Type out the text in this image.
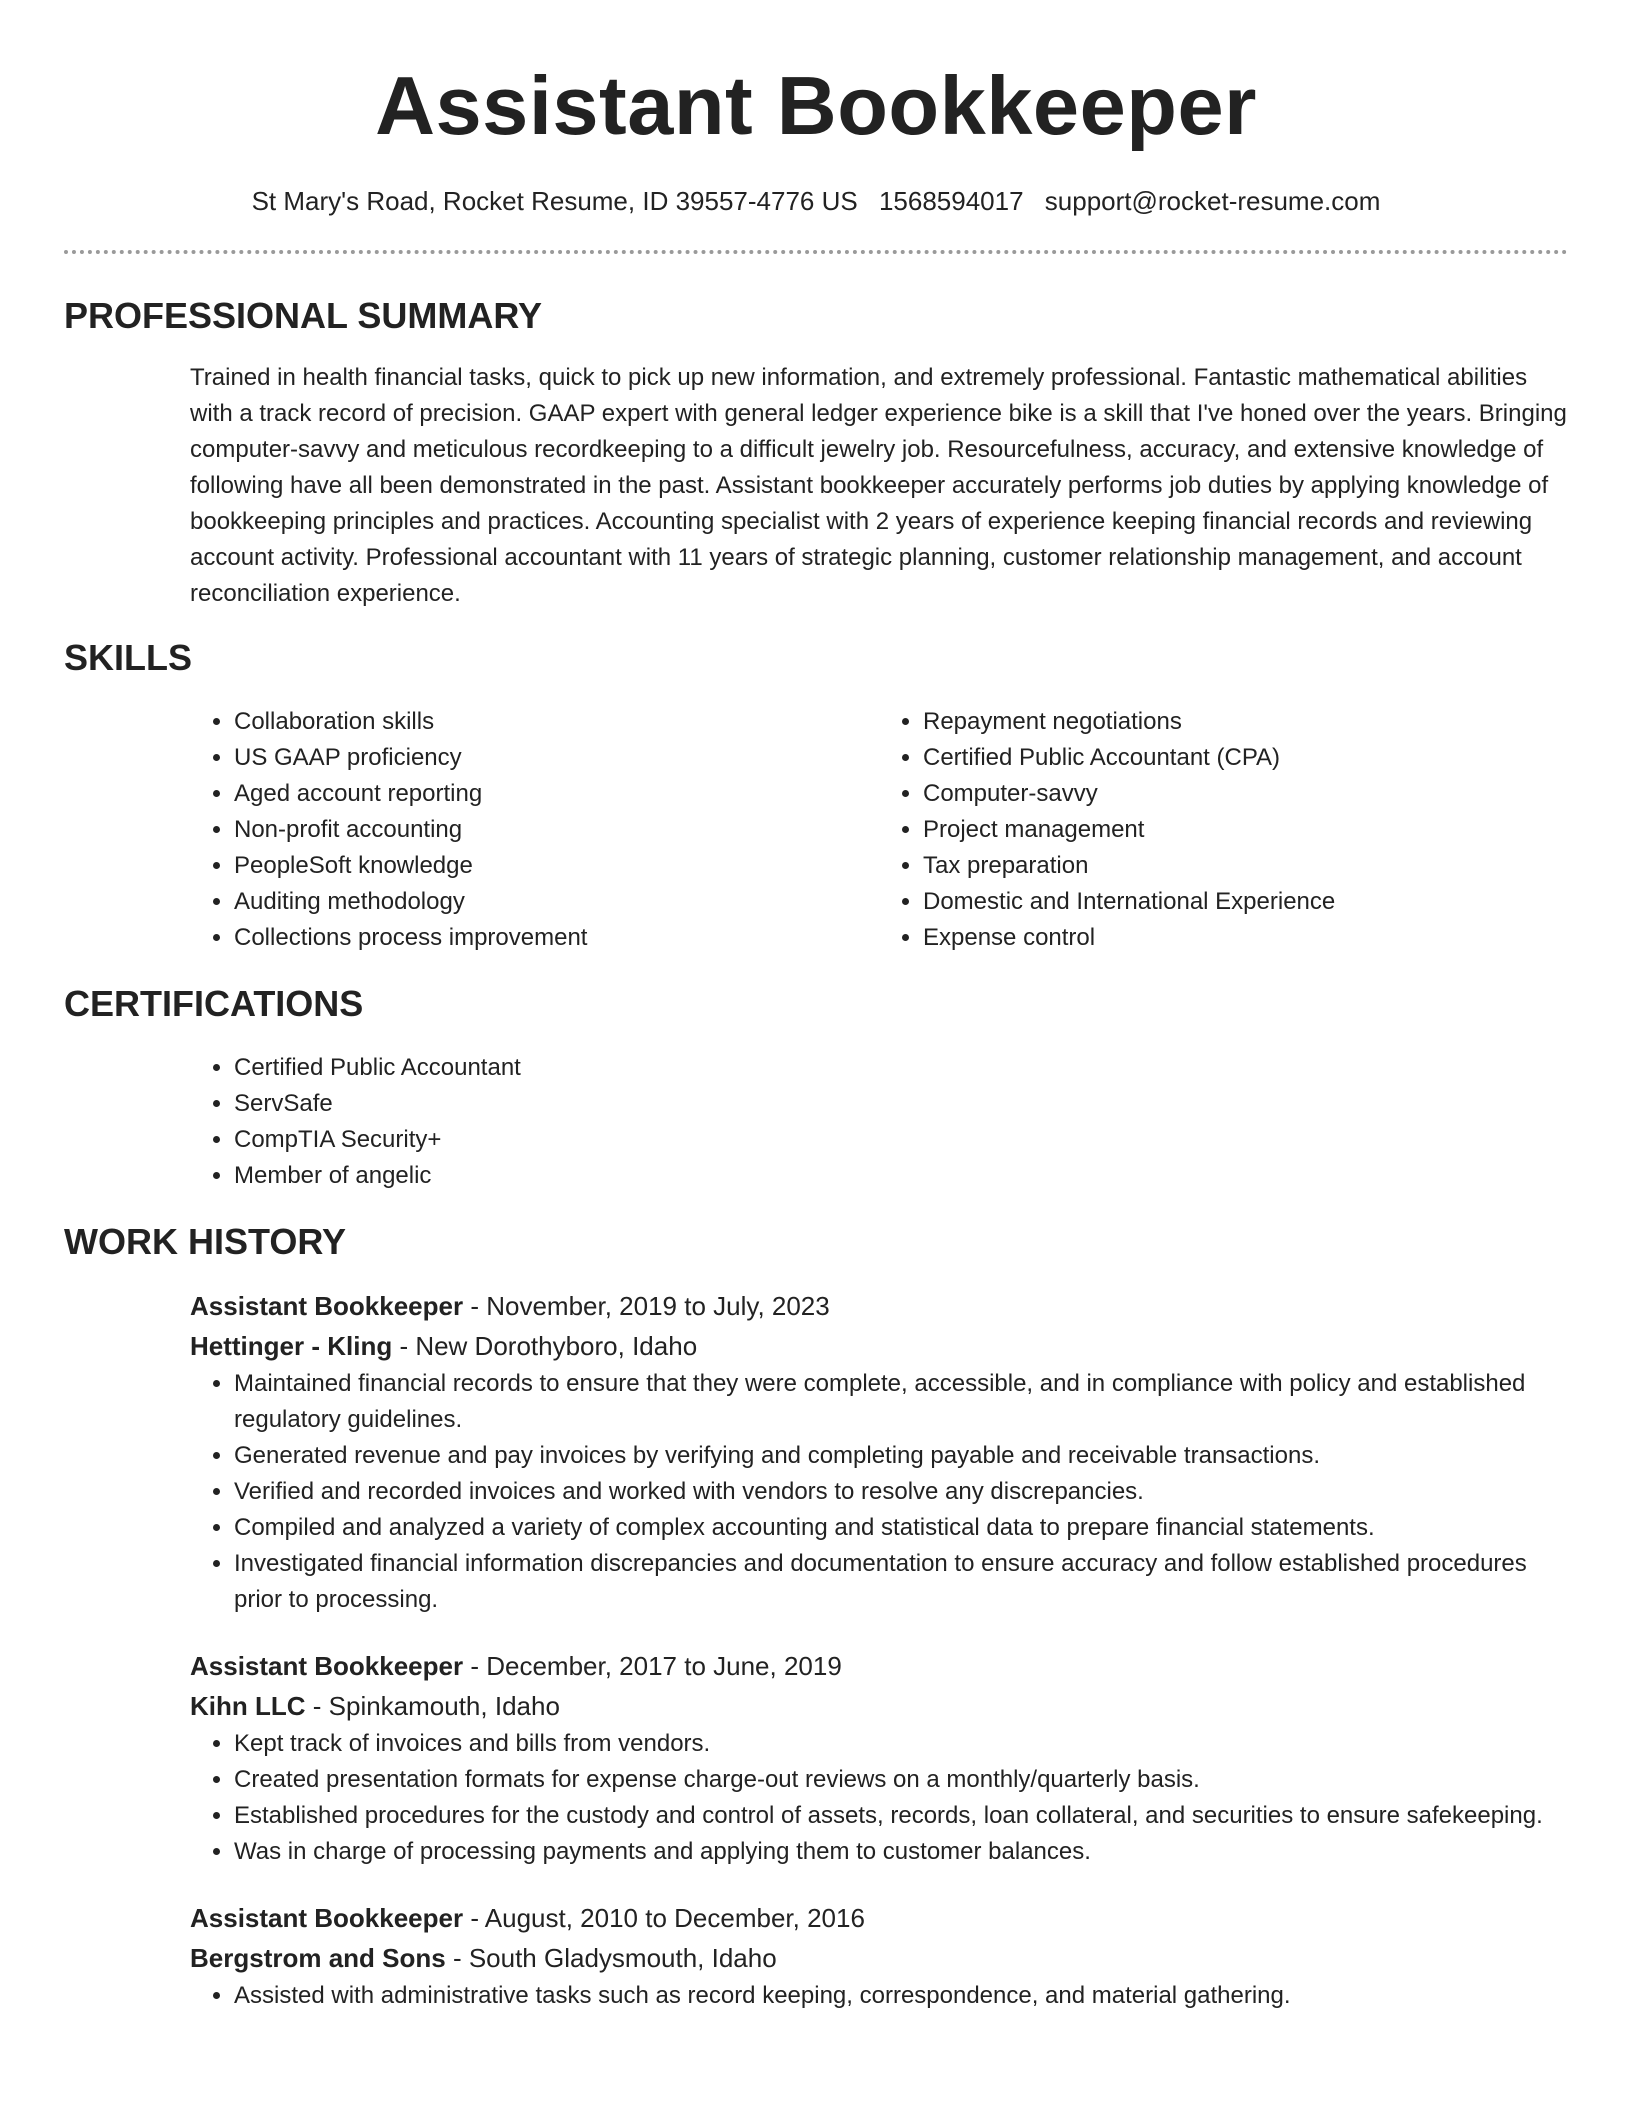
Assistant Bookkeeper
St Mary's Road, Rocket Resume, ID 39557-4776 US 1568594017 support@rocket-resume.com
PROFESSIONAL SUMMARY

Trained in health financial tasks, quick to pick up new information, and extremely professional. Fantastic mathematical abilities with a track record of precision. GAAP expert with general ledger experience bike is a skill that I've honed over the years. Bringing computer-savvy and meticulous recordkeeping to a difficult jewelry job. Resourcefulness, accuracy, and extensive knowledge of following have all been demonstrated in the past. Assistant bookkeeper accurately performs job duties by applying knowledge of bookkeeping principles and practices. Accounting specialist with 2 years of experience keeping financial records and reviewing account activity. Professional accountant with 11 years of strategic planning, customer relationship management, and account reconciliation experience.

SKILLS
• Collaboration skills
• US GAAP proficiency
• Aged account reporting
• Non-profit accounting
• PeopleSoft knowledge
• Auditing methodology
• Collections process improvement
• Repayment negotiations
• Certified Public Accountant (CPA)
• Computer-savvy
• Project management
• Tax preparation
• Domestic and International Experience
• Expense control
CERTIFICATIONS
• Certified Public Accountant
• ServSafe
• CompTIA Security+
• Member of angelic
WORK HISTORY
Assistant Bookkeeper - November, 2019 to July, 2023
Hettinger - Kling - New Dorothyboro, Idaho
• Maintained financial records to ensure that they were complete, accessible, and in compliance with policy and established regulatory guidelines.
• Generated revenue and pay invoices by verifying and completing payable and receivable transactions.
• Verified and recorded invoices and worked with vendors to resolve any discrepancies.
• Compiled and analyzed a variety of complex accounting and statistical data to prepare financial statements.
• Investigated financial information discrepancies and documentation to ensure accuracy and follow established procedures prior to processing.
Assistant Bookkeeper - December, 2017 to June, 2019
Kihn LLC - Spinkamouth, Idaho
• Kept track of invoices and bills from vendors.
• Created presentation formats for expense charge-out reviews on a monthly/quarterly basis.
• Established procedures for the custody and control of assets, records, loan collateral, and securities to ensure safekeeping.
• Was in charge of processing payments and applying them to customer balances.
Assistant Bookkeeper - August, 2010 to December, 2016
Bergstrom and Sons - South Gladysmouth, Idaho
• Assisted with administrative tasks such as record keeping, correspondence, and material gathering.
